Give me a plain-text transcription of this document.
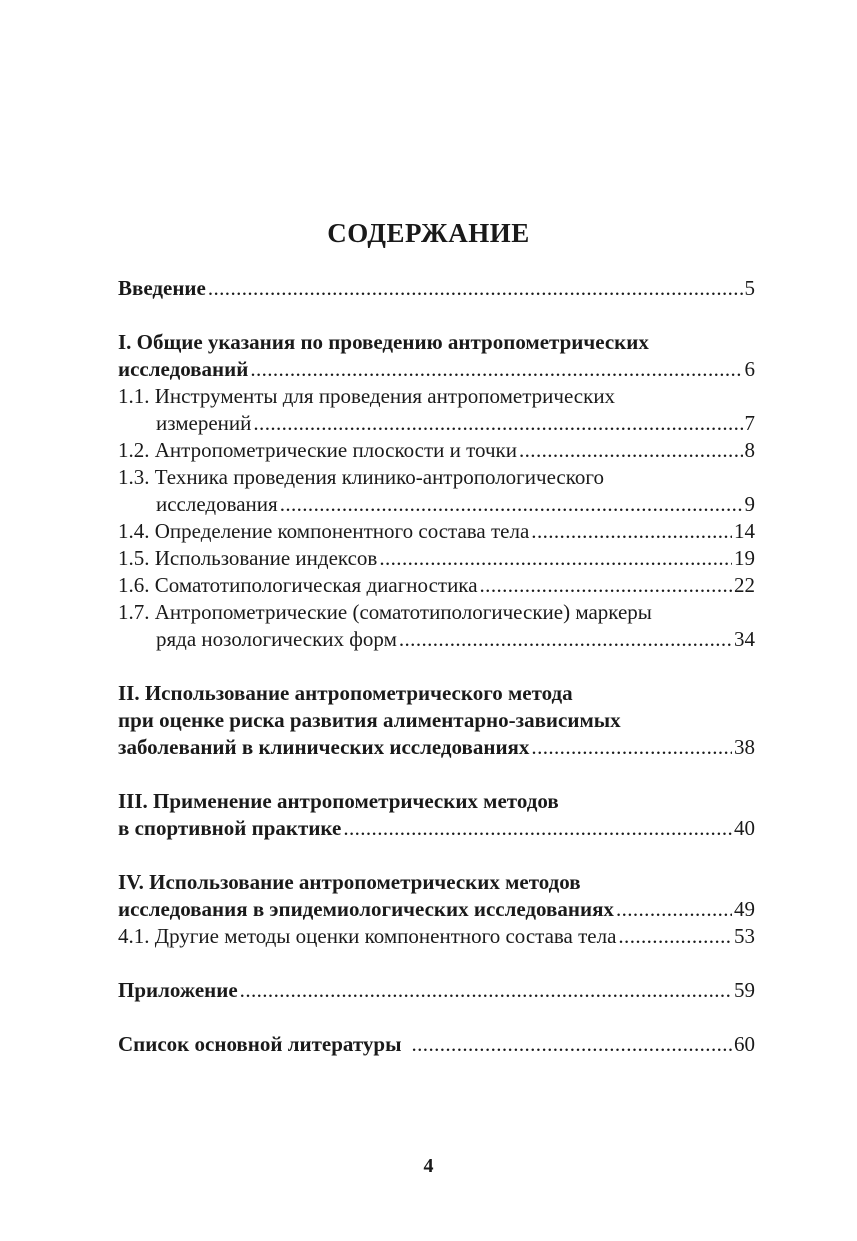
СОДЕРЖАНИЕ
Введение .....	5
I. Общие указания по проведению антропометрических
исследований .....	6
1.1. Инструменты для проведения антропометрических
измерений .....	7
1.2. Антропометрические плоскости и точки .....	8
1.3. Техника проведения клинико-антропологического
исследования .....	9
1.4. Определение компонентного состава тела .....	14
1.5. Использование индексов .....	19
1.6. Соматотипологическая диагностика .....	22
1.7. Антропометрические (соматотипологические) маркеры
ряда нозологических форм .....	34
II. Использование антропометрического метода
при оценке риска развития алиментарно-зависимых
заболеваний в клинических исследованиях .....	38
III. Применение антропометрических методов
в спортивной практике .....	40
IV. Использование антропометрических методов
исследования в эпидемиологических исследованиях .....	49
4.1. Другие методы оценки компонентного состава тела .....	53
Приложение .....	59
Список основной литературы .....	60
4
